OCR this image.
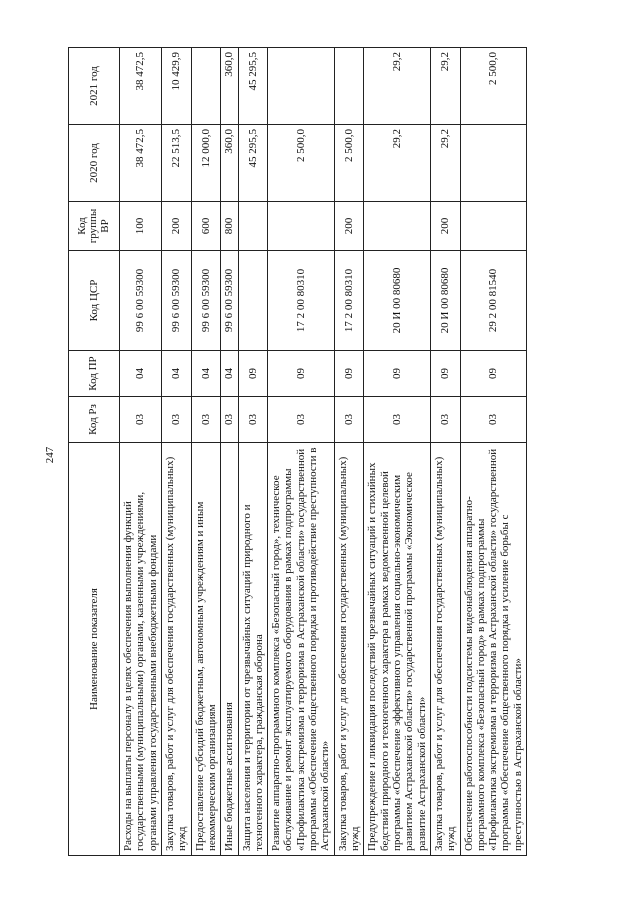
247
Наименование показателя	Код Рз	Код ПР	Код ЦСР	Код группы ВР	2020 год	2021 год
Расходы на выплаты персоналу в целях обеспечения выполнения функций государственными (муниципальными) органами, казенными учреждениями, органами управления государственными внебюджетными фондами	03	04	99 6 00 59300	100	38 472,5	38 472,5
Закупка товаров, работ и услуг для обеспечения государственных (муниципальных) нужд	03	04	99 6 00 59300	200	22 513,5	10 429,9
Предоставление субсидий бюджетным, автономным учреждениям и иным некоммерческим организациям	03	04	99 6 00 59300	600	12 000,0	
Иные бюджетные ассигнования	03	04	99 6 00 59300	800	360,0	360,0
Защита населения и территории от чрезвычайных ситуаций природного и техногенного характера, гражданская оборона	03	09			45 295,5	45 295,5
Развитие аппаратно-программного комплекса «Безопасный город», техническое обслуживание и ремонт эксплуатируемого оборудования в рамках подпрограммы «Профилактика экстремизма и терроризма в Астраханской области» государственной программы «Обеспечение общественного порядка и противодействие преступности в Астраханской области»	03	09	17 2 00 80310		2 500,0	
Закупка товаров, работ и услуг для обеспечения государственных (муниципальных) нужд	03	09	17 2 00 80310	200	2 500,0	
Предупреждение и ликвидация последствий чрезвычайных ситуаций и стихийных бедствий природного и техногенного характера в рамках ведомственной целевой программы «Обеспечение эффективного управления социально-экономическим развитием Астраханской области» государственной программы «Экономическое развитие Астраханской области»	03	09	20 И 00 80680		29,2	29,2
Закупка товаров, работ и услуг для обеспечения государственных (муниципальных) нужд	03	09	20 И 00 80680	200	29,2	29,2
Обеспечение работоспособности подсистемы видеонаблюдения аппаратно-программного комплекса «Безопасный город» в рамках подпрограммы «Профилактика экстремизма и терроризма в Астраханской области» государственной программы «Обеспечение общественного порядка и усиление борьбы с преступностью в Астраханской области»	03	09	29 2 00 81540			2 500,0
